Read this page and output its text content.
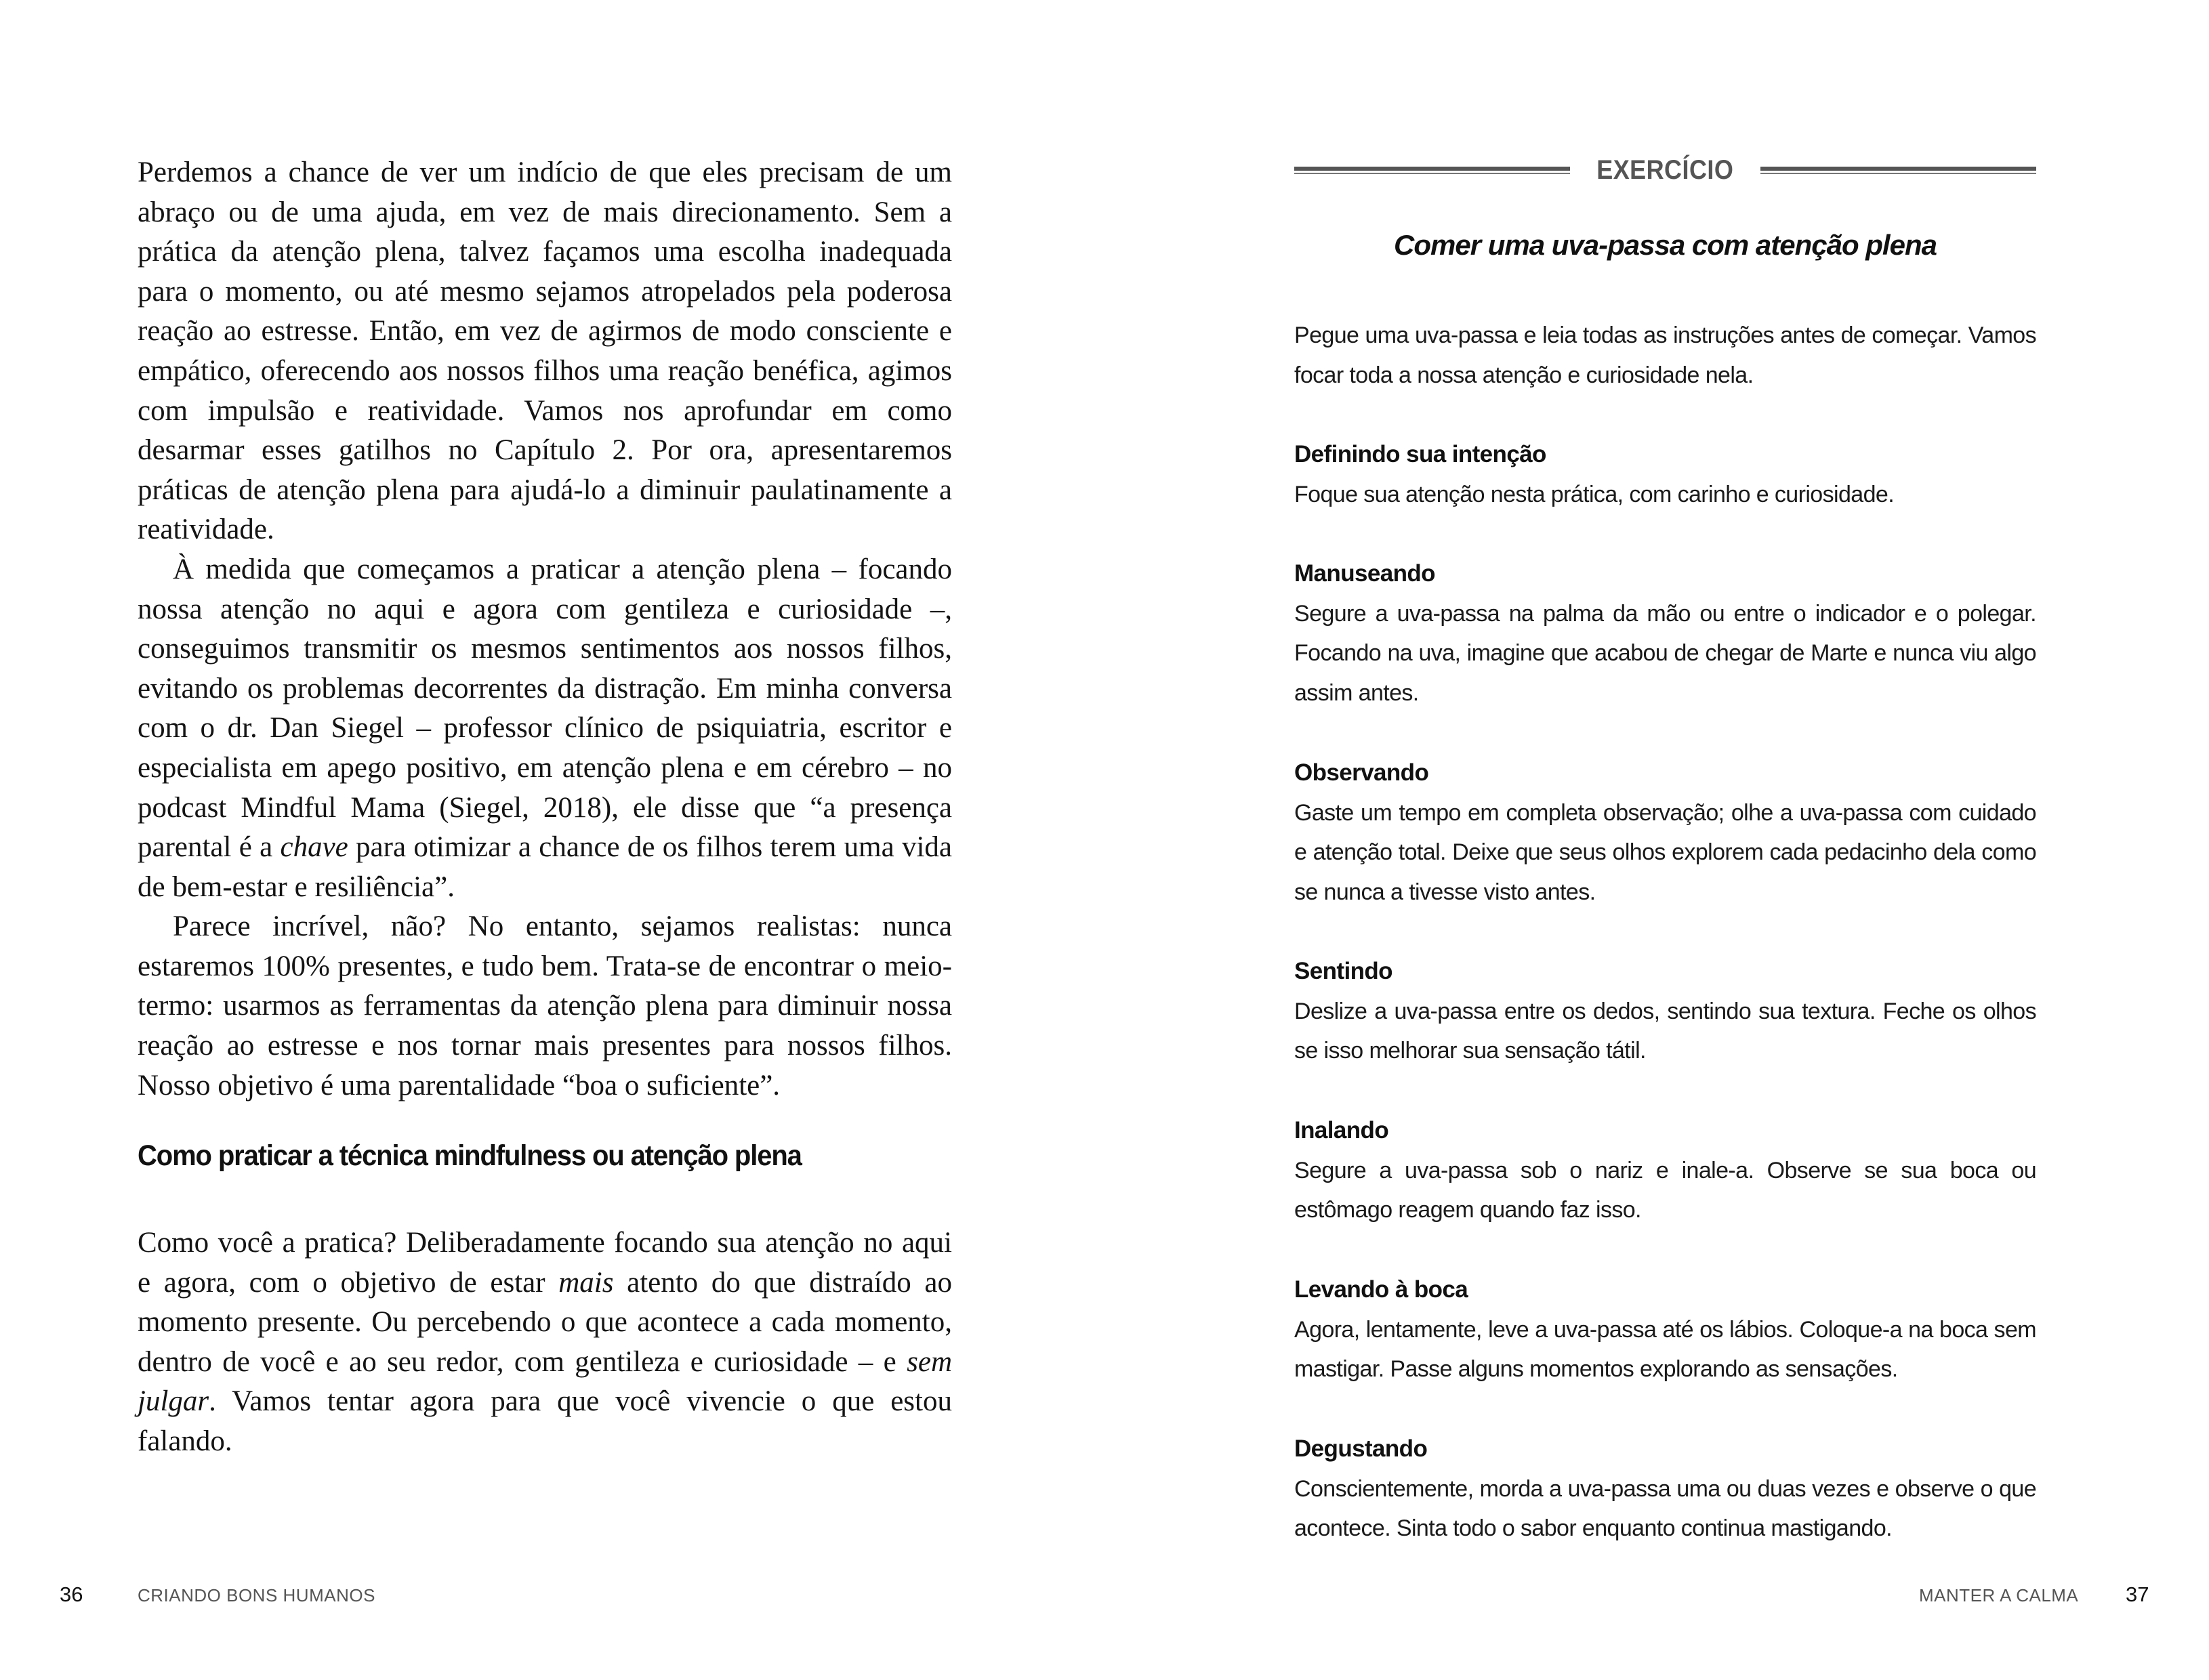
Perdemos a chance de ver um indício de que eles precisam de um abraço ou de uma ajuda, em vez de mais direcionamento. Sem a prática da atenção plena, talvez façamos uma escolha inadequada para o momento, ou até mesmo sejamos atropelados pela poderosa reação ao estresse. Então, em vez de agirmos de modo consciente e empático, oferecendo aos nossos filhos uma reação benéfica, agimos com impulsão e reatividade. Vamos nos aprofundar em como desarmar esses gatilhos no Capítulo 2. Por ora, apresentaremos práticas de atenção plena para ajudá-lo a diminuir paulatinamente a reatividade.

À medida que começamos a praticar a atenção plena – focando nossa atenção no aqui e agora com gentileza e curiosidade –, conseguimos transmitir os mesmos sentimentos aos nossos filhos, evitando os problemas decorrentes da distração. Em minha conversa com o dr. Dan Siegel – professor clínico de psiquiatria, escritor e especialista em apego positivo, em atenção plena e em cérebro – no podcast Mindful Mama (Siegel, 2018), ele disse que “a presença parental é a chave para otimizar a chance de os filhos terem uma vida de bem-estar e resiliência”.

Parece incrível, não? No entanto, sejamos realistas: nunca estaremos 100% presentes, e tudo bem. Trata-se de encontrar o meio-termo: usarmos as ferramentas da atenção plena para diminuir nossa reação ao estresse e nos tornar mais presentes para nossos filhos. Nosso objetivo é uma parentalidade “boa o suficiente”.

Como praticar a técnica mindfulness ou atenção plena

Como você a pratica? Deliberadamente focando sua atenção no aqui e agora, com o objetivo de estar mais atento do que distraído ao momento presente. Ou percebendo o que acontece a cada momento, dentro de você e ao seu redor, com gentileza e curiosidade – e sem julgar. Vamos tentar agora para que você vivencie o que estou falando.

36	CRIANDO BONS HUMANOS
EXERCÍCIO
Comer uma uva-passa com atenção plena

Pegue uma uva-passa e leia todas as instruções antes de começar. Vamos focar toda a nossa atenção e curiosidade nela.

Definindo sua intenção

Foque sua atenção nesta prática, com carinho e curiosidade.

Manuseando

Segure a uva-passa na palma da mão ou entre o indicador e o polegar. Focando na uva, imagine que acabou de chegar de Marte e nunca viu algo assim antes.

Observando

Gaste um tempo em completa observação; olhe a uva-passa com cuidado e atenção total. Deixe que seus olhos explorem cada pedacinho dela como se nunca a tivesse visto antes.

Sentindo

Deslize a uva-passa entre os dedos, sentindo sua textura. Feche os olhos se isso melhorar sua sensação tátil.

Inalando

Segure a uva-passa sob o nariz e inale-a. Observe se sua boca ou estômago reagem quando faz isso.

Levando à boca

Agora, lentamente, leve a uva-passa até os lábios. Coloque-a na boca sem mastigar. Passe alguns momentos explorando as sensações.

Degustando

Conscientemente, morda a uva-passa uma ou duas vezes e observe o que acontece. Sinta todo o sabor enquanto continua mastigando.

MANTER A CALMA 37
